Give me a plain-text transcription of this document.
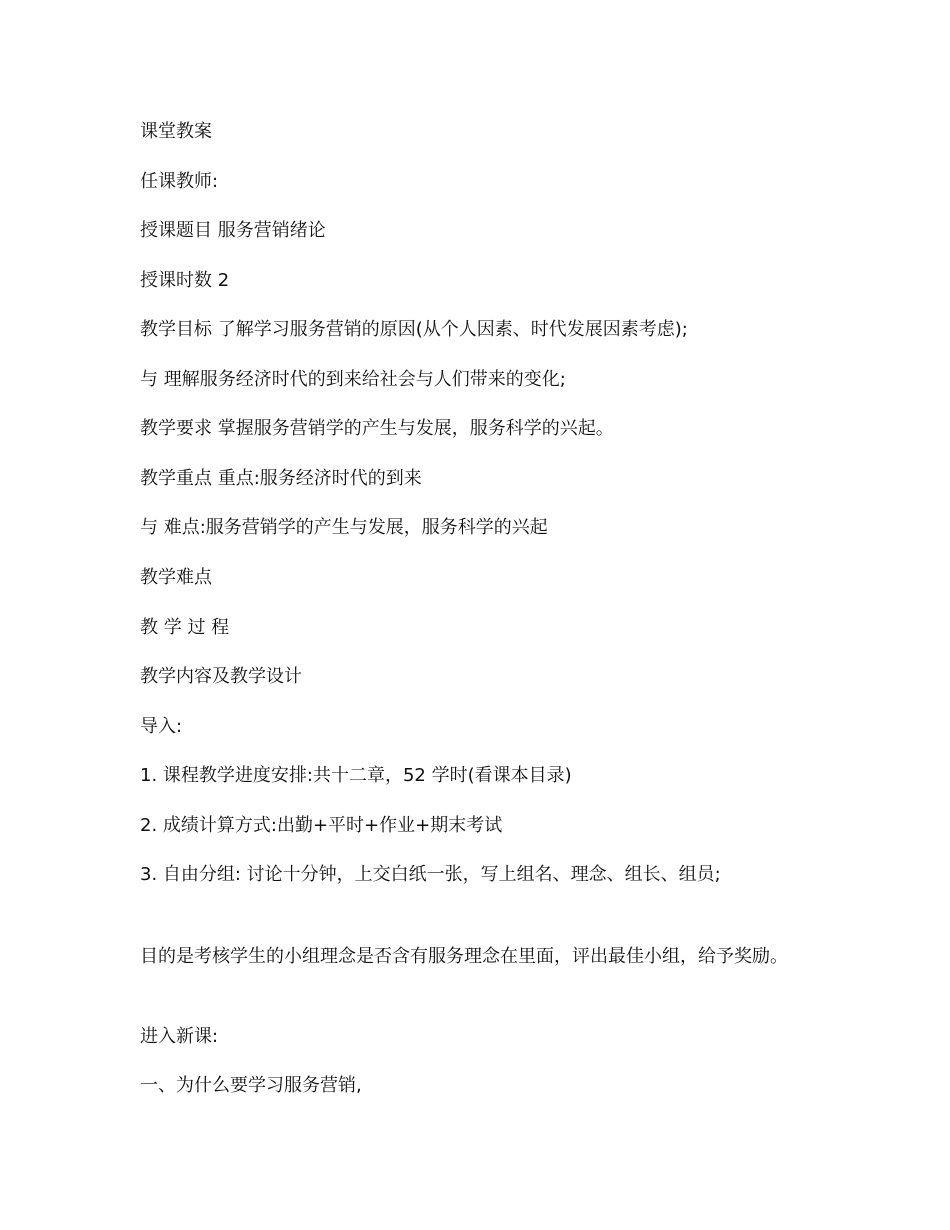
课堂教案
任课教师:
授课题目 服务营销绪论
授课时数 2
教学目标 了解学习服务营销的原因(从个人因素、时代发展因素考虑);
与 理解服务经济时代的到来给社会与人们带来的变化;
教学要求 掌握服务营销学的产生与发展，服务科学的兴起。
教学重点 重点:服务经济时代的到来
与 难点:服务营销学的产生与发展，服务科学的兴起
教学难点
教 学 过 程
教学内容及教学设计
导入:
1. 课程教学进度安排:共十二章，52 学时(看课本目录)
2. 成绩计算方式:出勤+平时+作业+期末考试
3. 自由分组: 讨论十分钟，上交白纸一张，写上组名、理念、组长、组员;
目的是考核学生的小组理念是否含有服务理念在里面，评出最佳小组，给予奖励。
进入新课:
一、为什么要学习服务营销,
